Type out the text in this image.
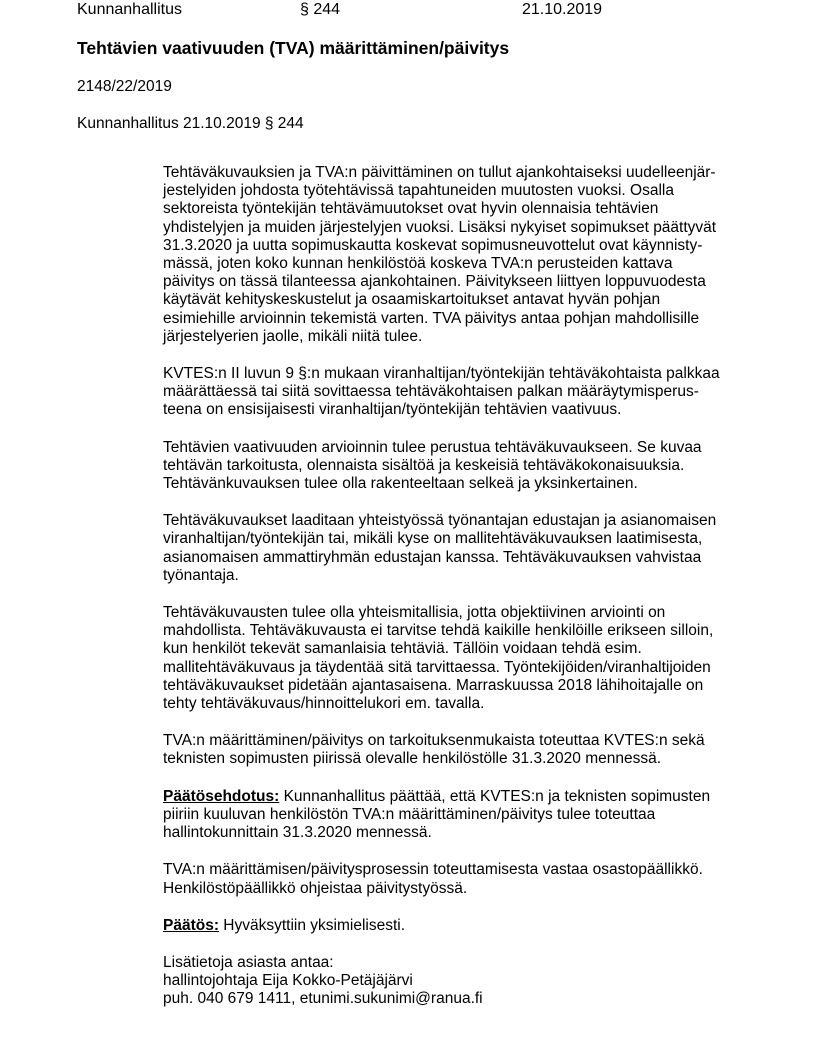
Kunnanhallitus	§ 244	21.10.2019
Tehtävien vaativuuden (TVA) määrittäminen/päivitys
2148/22/2019
Kunnanhallitus 21.10.2019 § 244

Tehtäväkuvauksien ja TVA:n päivittäminen on tullut ajankohtaiseksi uudelleenjär-
jestelyiden johdosta työtehtävissä tapahtuneiden muutosten vuoksi. Osalla
sektoreista työntekijän tehtävämuutokset ovat hyvin olennaisia tehtävien
yhdistelyjen ja muiden järjestelyjen vuoksi. Lisäksi nykyiset sopimukset päättyvät
31.3.2020 ja uutta sopimuskautta koskevat sopimusneuvottelut ovat käynnisty-
mässä, joten koko kunnan henkilöstöä koskeva TVA:n perusteiden kattava
päivitys on tässä tilanteessa ajankohtainen. Päivitykseen liittyen loppuvuodesta
käytävät kehityskeskustelut ja osaamiskartoitukset antavat hyvän pohjan
esimiehille arvioinnin tekemistä varten. TVA päivitys antaa pohjan mahdollisille
järjestelyerien jaolle, mikäli niitä tulee.

KVTES:n II luvun 9 §:n mukaan viranhaltijan/työntekijän tehtäväkohtaista palkkaa
määrättäessä tai siitä sovittaessa tehtäväkohtaisen palkan määräytymisperus-
teena on ensisijaisesti viranhaltijan/työntekijän tehtävien vaativuus.

Tehtävien vaativuuden arvioinnin tulee perustua tehtäväkuvaukseen. Se kuvaa
tehtävän tarkoitusta, olennaista sisältöä ja keskeisiä tehtäväkokonaisuuksia.
Tehtävänkuvauksen tulee olla rakenteeltaan selkeä ja yksinkertainen.

Tehtäväkuvaukset laaditaan yhteistyössä työnantajan edustajan ja asianomaisen
viranhaltijan/työntekijän tai, mikäli kyse on mallitehtäväkuvauksen laatimisesta,
asianomaisen ammattiryhmän edustajan kanssa. Tehtäväkuvauksen vahvistaa
työnantaja.

Tehtäväkuvausten tulee olla yhteismitallisia, jotta objektiivinen arviointi on
mahdollista. Tehtäväkuvausta ei tarvitse tehdä kaikille henkilöille erikseen silloin,
kun henkilöt tekevät samanlaisia tehtäviä. Tällöin voidaan tehdä esim.
mallitehtäväkuvaus ja täydentää sitä tarvittaessa. Työntekijöiden/viranhaltijoiden
tehtäväkuvaukset pidetään ajantasaisena. Marraskuussa 2018 lähihoitajalle on
tehty tehtäväkuvaus/hinnoittelukori em. tavalla.

TVA:n määrittäminen/päivitys on tarkoituksenmukaista toteuttaa KVTES:n sekä
teknisten sopimusten piirissä olevalle henkilöstölle 31.3.2020 mennessä.

Päätösehdotus: Kunnanhallitus päättää, että KVTES:n ja teknisten sopimusten
piiriin kuuluvan henkilöstön TVA:n määrittäminen/päivitys tulee toteuttaa
hallintokunnittain 31.3.2020 mennessä.

TVA:n määrittämisen/päivitysprosessin toteuttamisesta vastaa osastopäällikkö.
Henkilöstöpäällikkö ohjeistaa päivitystyössä.

Päätös: Hyväksyttiin yksimielisesti.

Lisätietoja asiasta antaa:
hallintojohtaja Eija Kokko-Petäjäjärvi
puh. 040 679 1411, etunimi.sukunimi@ranua.fi
